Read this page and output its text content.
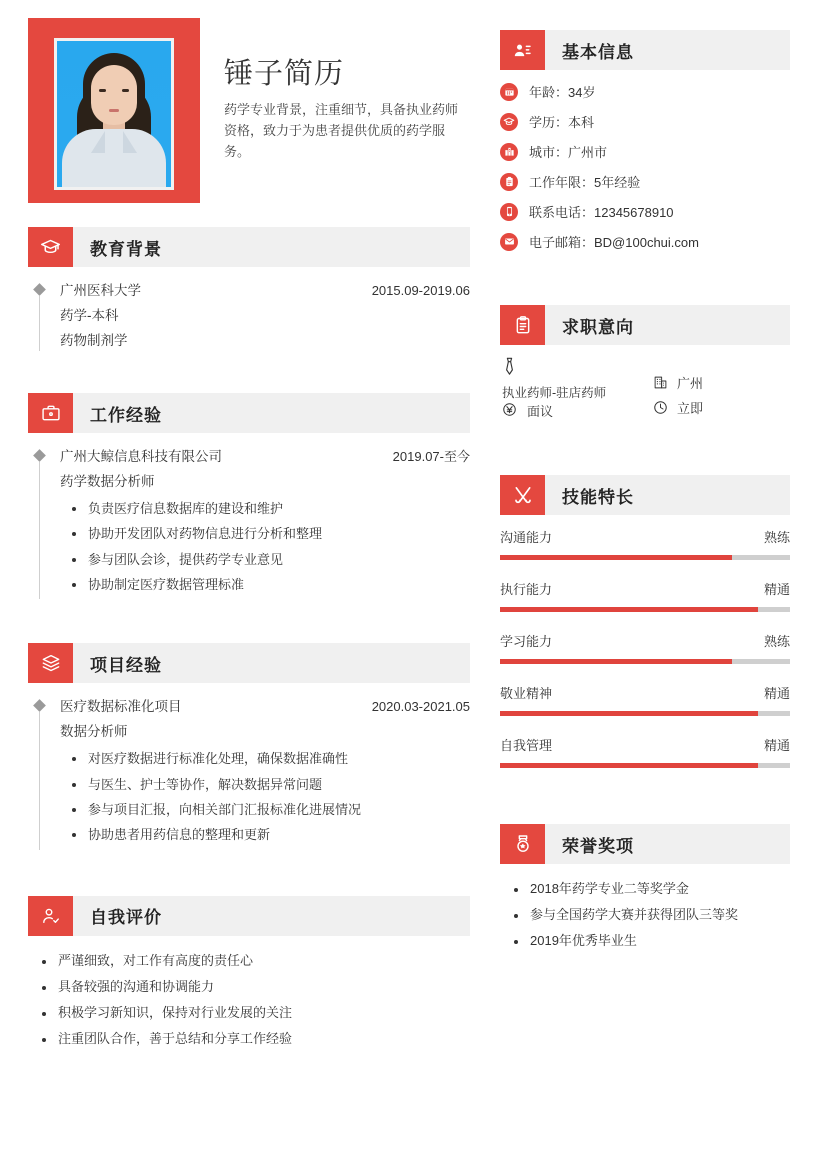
锤子简历

药学专业背景，注重细节，具备执业药师资格，致力于为患者提供优质的药学服务。

教育背景
广州医科大学	2015.09-2019.06
药学-本科
药物制剂学
工作经验
广州大鲸信息科技有限公司	2019.07-至今
药学数据分析师
负责医疗信息数据库的建设和维护
协助开发团队对药物信息进行分析和整理
参与团队会诊，提供药学专业意见
协助制定医疗数据管理标准
项目经验
医疗数据标准化项目	2020.03-2021.05
数据分析师
对医疗数据进行标准化处理，确保数据准确性
与医生、护士等协作，解决数据异常问题
参与项目汇报，向相关部门汇报标准化进展情况
协助患者用药信息的整理和更新
自我评价
严谨细致，对工作有高度的责任心
具备较强的沟通和协调能力
积极学习新知识，保持对行业发展的关注
注重团队合作，善于总结和分享工作经验
基本信息
年龄：34岁
学历：本科
城市：广州市
工作年限：5年经验
联系电话：12345678910
电子邮箱：BD@100chui.com
求职意向
执业药师-驻店药师
面议
广州
立即
技能特长
沟通能力	熟练
执行能力	精通
学习能力	熟练
敬业精神	精通
自我管理	精通
荣誉奖项
2018年药学专业二等奖学金
参与全国药学大赛并获得团队三等奖
2019年优秀毕业生
